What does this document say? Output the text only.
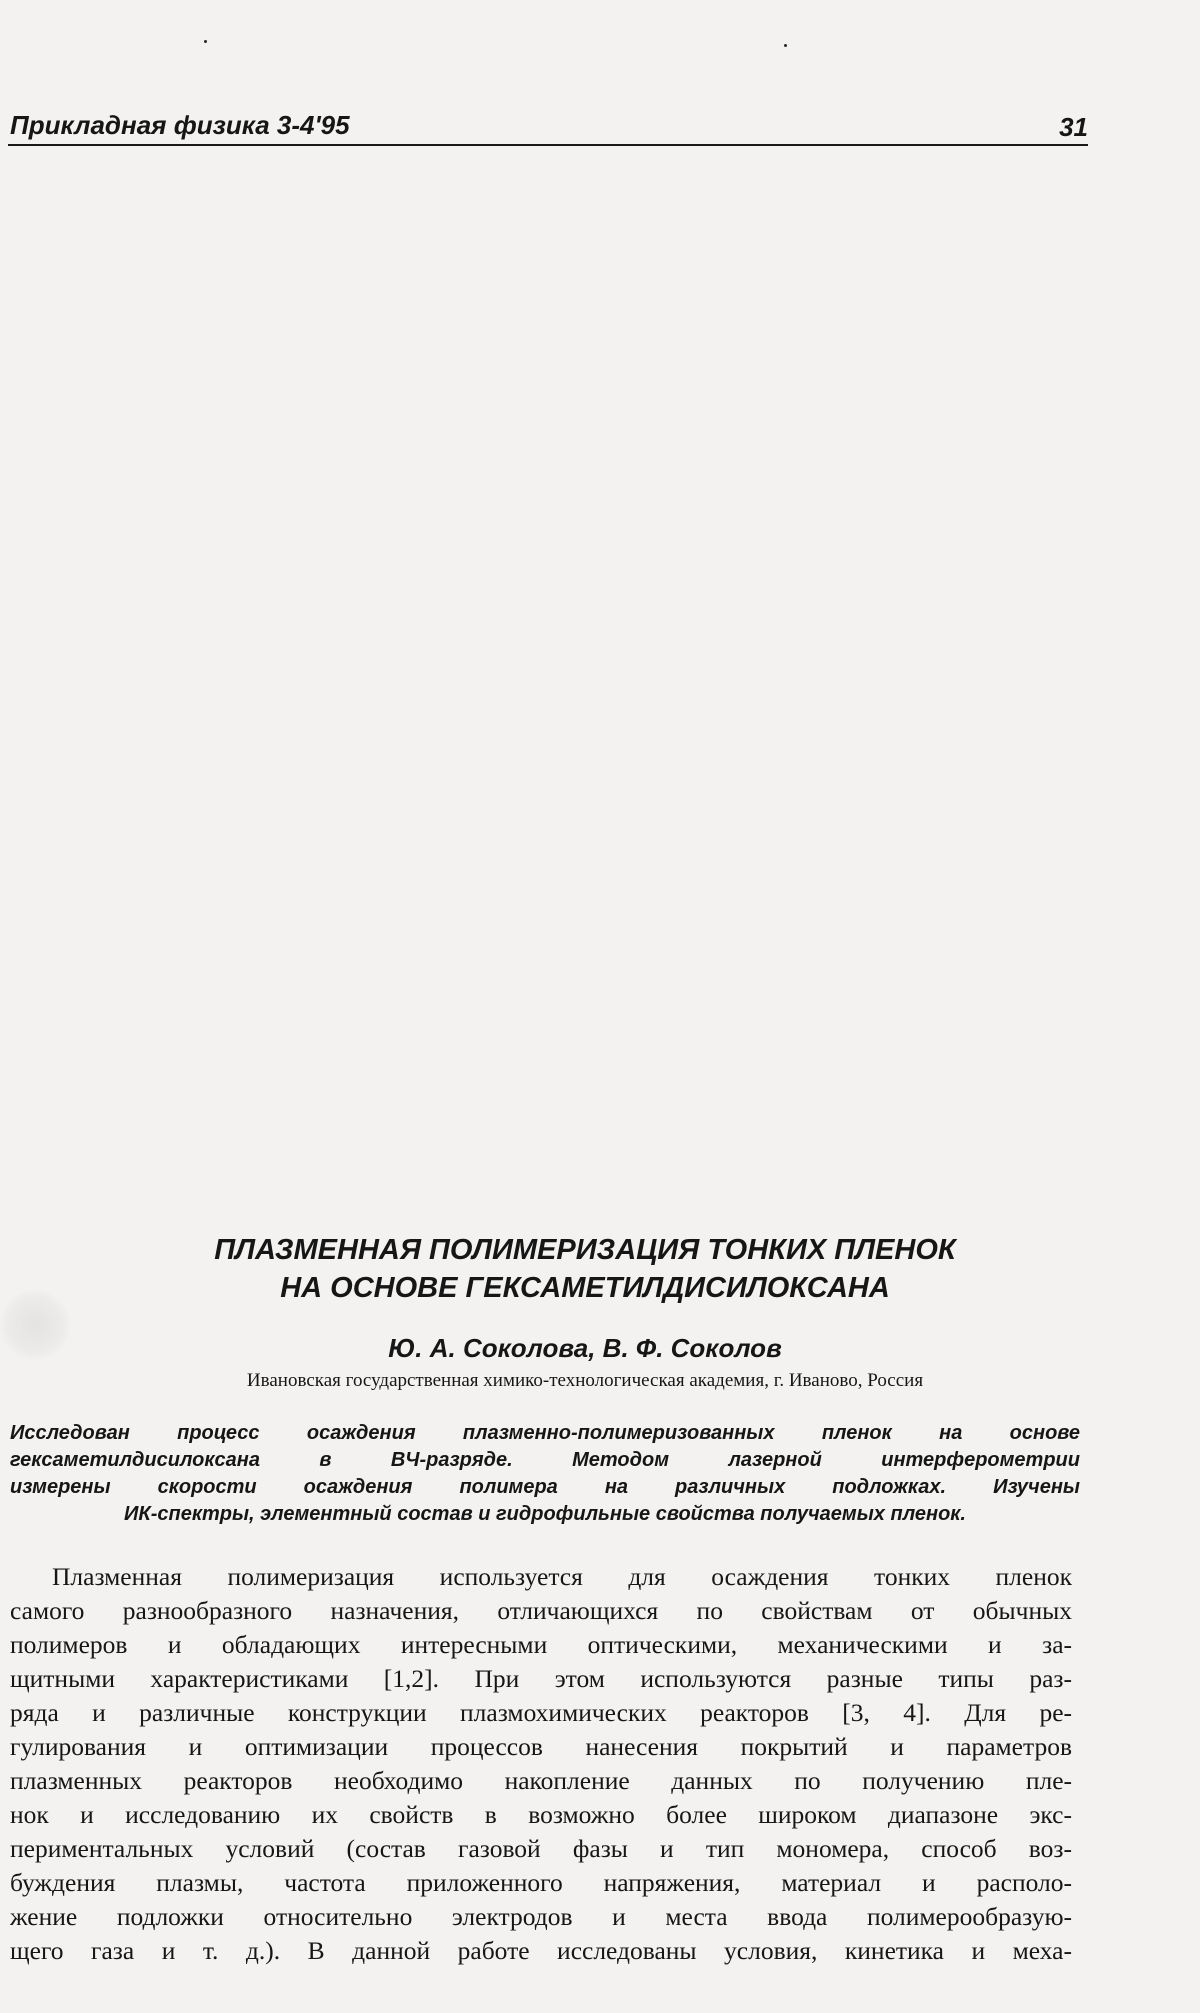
Прикладная физика 3-4'95	31
ПЛАЗМЕННАЯ ПОЛИМЕРИЗАЦИЯ ТОНКИХ ПЛЕНОК
НА ОСНОВЕ ГЕКСАМЕТИЛДИСИЛОКСАНА
Ю. А. Соколова, В. Ф. Соколов
Ивановская государственная химико-технологическая академия, г. Иваново, Россия
Исследован процесс осаждения плазменно-полимеризованных пленок на основе
гексаметилдисилоксана в ВЧ-разряде. Методом лазерной интерферометрии
измерены скорости осаждения полимера на различных подложках. Изучены
ИК-спектры, элементный состав и гидрофильные свойства получаемых пленок.
Плазменная полимеризация используется для осаждения тонких пленок
самого разнообразного назначения, отличающихся по свойствам от обычных
полимеров и обладающих интересными оптическими, механическими и за-
щитными характеристиками [1,2]. При этом используются разные типы раз-
ряда и различные конструкции плазмохимических реакторов [3, 4]. Для ре-
гулирования и оптимизации процессов нанесения покрытий и параметров
плазменных реакторов необходимо накопление данных по получению пле-
нок и исследованию их свойств в возможно более широком диапазоне экс-
периментальных условий (состав газовой фазы и тип мономера, способ воз-
буждения плазмы, частота приложенного напряжения, материал и располо-
жение подложки относительно электродов и места ввода полимерообразую-
щего газа и т. д.). В данной работе исследованы условия, кинетика и меха-
